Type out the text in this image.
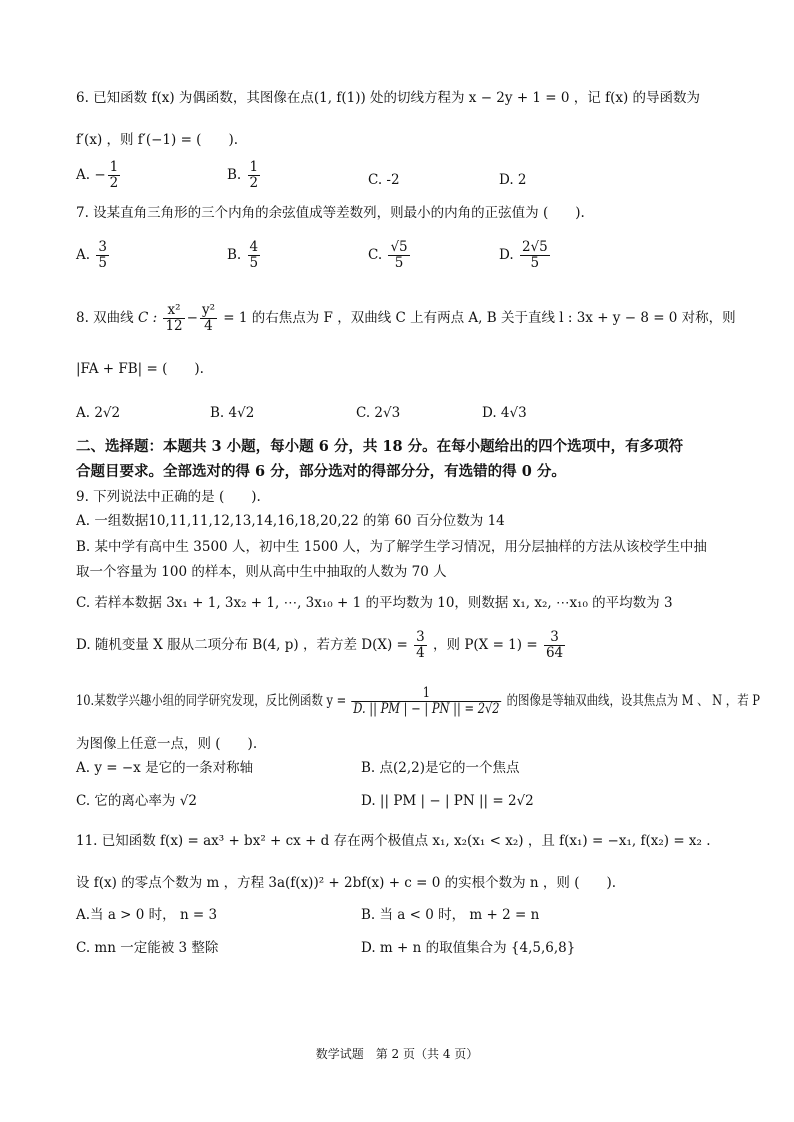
6. 已知函数 f(x) 为偶函数，其图像在点(1, f(1)) 处的切线方程为 x − 2y + 1 = 0 ，记 f(x) 的导函数为
f′(x) ，则 f′(−1) = (　　).
A. − $\frac{1}{2}$	B. $\frac{1}{2}$	C. -2	D. 2
7. 设某直角三角形的三个内角的余弦值成等差数列，则最小的内角的正弦值为 (　　).
A. $\frac{3}{5}$	B. $\frac{4}{5}$	C. $\frac{√5}{5}$	D. $\frac{2√5}{5}$
8. 双曲线 C : $\frac{\text{x²}}{12} - \frac{\text{y²}}{4} = 1$ 的右焦点为 F ，双曲线 C 上有两点 A, B 关于直线 l : 3x + y − 8 = 0 对称，则
|FA + FB| = (　　).
A. 2√2	B. 4√2	C. 2√3	D. 4√3
二、选择题：本题共 3 小题，每小题 6 分，共 18 分。在每小题给出的四个选项中，有多项符
合题目要求。全部选对的得 6 分，部分选对的得部分分，有选错的得 0 分。
9. 下列说法中正确的是 (　　).
A. 一组数据10,11,11,12,13,14,16,18,20,22 的第 60 百分位数为 14
B. 某中学有高中生 3500 人，初中生 1500 人，为了解学生学习情况，用分层抽样的方法从该校学生中抽
取一个容量为 100 的样本，则从高中生中抽取的人数为 70 人
C. 若样本数据 3x₁ + 1, 3x₂ + 1, ⋯, 3x₁₀ + 1 的平均数为 10，则数据 x₁, x₂, ⋯x₁₀ 的平均数为 3
D. 随机变量 X 服从二项分布 B(4, p) ，若方差 $D(X) = \frac{3}{4}$ ，则 $P(X = 1) = \frac{3}{64}$
10.某数学兴趣小组的同学研究发现，反比例函数 $y = \frac{1}{D. || PM | - | PN || = 2√2}$ 的图像是等轴双曲线，设其焦点为 M 、 N ，若 P
为图像上任意一点，则 (　　).
A. y = −x 是它的一条对称轴	B. 点(2,2)是它的一个焦点
C. 它的离心率为 √2	D. || PM | − | PN || = 2√2
11. 已知函数 f(x) = ax³ + bx² + cx + d 存在两个极值点 x₁, x₂(x₁ < x₂) ，且 f(x₁) = −x₁, f(x₂) = x₂ .
设 f(x) 的零点个数为 m ，方程 3a(f(x))² + 2bf(x) + c = 0 的实根个数为 n ，则 (　　).
A.当 a > 0 时， n = 3	B. 当 a < 0 时， m + 2 = n
C. mn 一定能被 3 整除	D. m + n 的取值集合为 {4,5,6,8}
数学试题　第 2 页（共 4 页）
